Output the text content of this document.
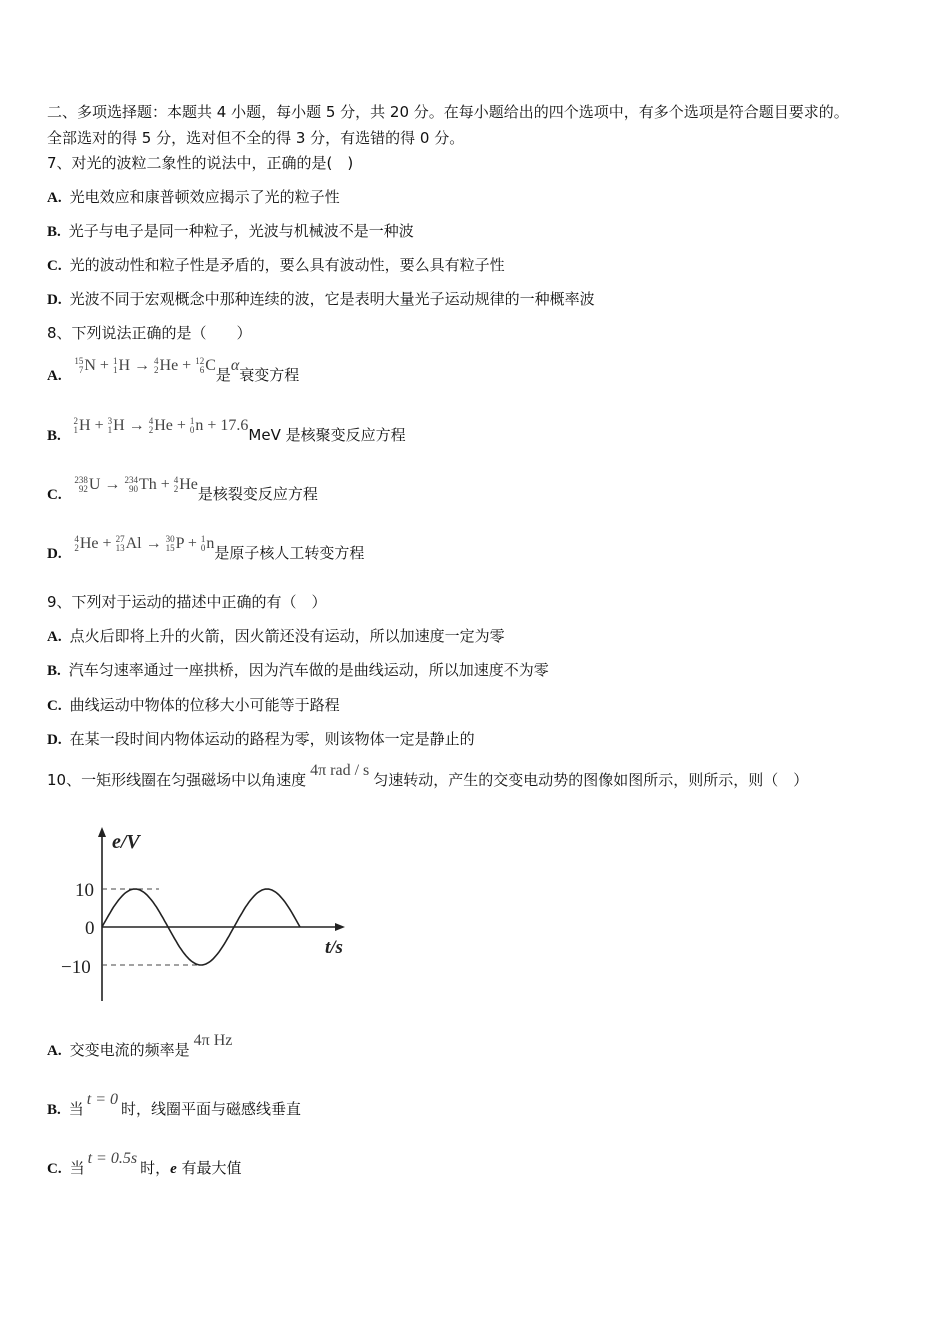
二、多项选择题：本题共 4 小题，每小题 5 分，共 20 分。在每小题给出的四个选项中，有多个选项是符合题目要求的。
全部选对的得 5 分，选对但不全的得 3 分，有选错的得 0 分。
7、对光的波粒二象性的说法中，正确的是(　)
A. 光电效应和康普顿效应揭示了光的粒子性
B. 光子与电子是同一种粒子，光波与机械波不是一种波
C. 光的波动性和粒子性是矛盾的，要么具有波动性，要么具有粒子性
D. 光波不同于宏观概念中那种连续的波，它是表明大量光子运动规律的一种概率波
8、下列说法正确的是（　　）
A.
15
7 N + 1
1 H → 4
2 He + 12
6 C是α衰变方程
B.
2
1 H + 3
1 H → 4
2 He + 1
0 n + 17.6MeV 是核聚变反应方程
C.
238
92 U → 234
90 Th + 4
2 He是核裂变反应方程
D.
4
2 He + 27
13 Al → 30
15 P + 1
0 n是原子核人工转变方程
9、下列对于运动的描述中正确的有（　）
A. 点火后即将上升的火箭，因火箭还没有运动，所以加速度一定为零
B. 汽车匀速率通过一座拱桥，因为汽车做的是曲线运动，所以加速度不为零
C. 曲线运动中物体的位移大小可能等于路程
D. 在某一段时间内物体运动的路程为零，则该物体一定是静止的
10、一矩形线圈在匀强磁场中以角速度4π rad / s匀速转动，产生的交变电动势的图像如图所示，则所示，则（　）
e/V
t/s
10
0
−10
A. 交变电流的频率是4π Hz
B. 当t = 0时，线圈平面与磁感线垂直
C. 当t = 0.5s时，e 有最大值
